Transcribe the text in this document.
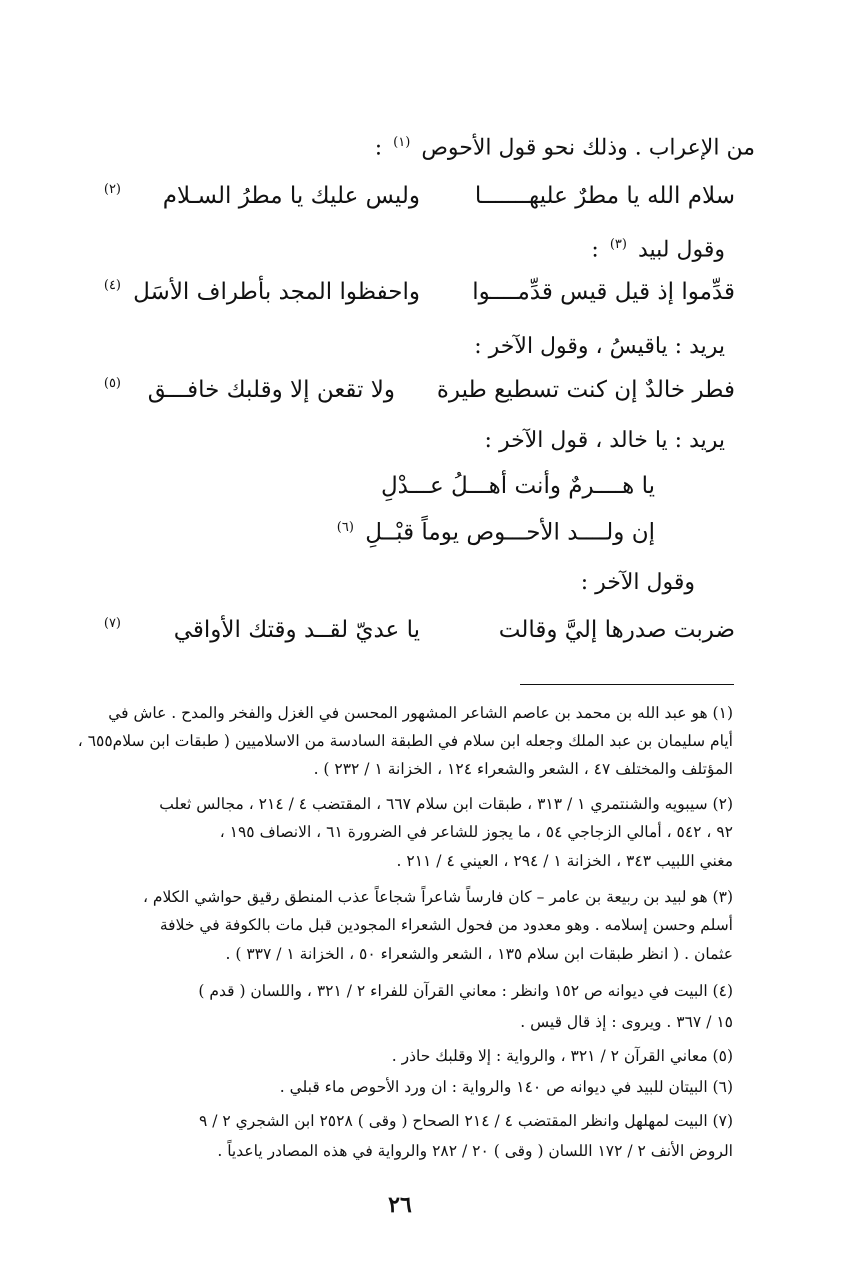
من الإعراب . وذلك نحو قول الأحوص $^{(١)}$ :
سلام الله يا مطرٌ عليهـــــــا
وليس عليك يا مطرُ السـلام
(٢)
وقول لبيد $^{(٣)}$ :
قدِّموا إذ قيل قيس قدِّمــــوا
واحفظوا المجد بأطراف الأسَل
(٤)
يريد : ياقيسُ ، وقول الآخر :
فطر خالدٌ إن كنت تسطيع طيرة
ولا تقعن إلا وقلبك خافـــق
(٥)
يريد : يا خالد ، قول الآخر :
يا هــــرمٌ وأنت أهـــلُ عـــدْلِ
إن ولــــد الأحـــوص يوماً قبْــلِ $^{(٦)}$
وقول الآخر :
ضربت صدرها إليَّ وقالت
يا عديّ لقــد وقتك الأواقي
(٧)
(١) هو عبد الله بن محمد بن عاصم الشاعر المشهور المحسن في الغزل والفخر والمدح . عاش في
أيام سليمان بن عبد الملك وجعله ابن سلام في الطبقة السادسة من الاسلاميين ( طبقات ابن سلام٦٥٥ ،
المؤتلف والمختلف ٤٧ ، الشعر والشعراء ١٢٤ ، الخزانة ١ / ٢٣٢ ) .
(٢) سيبويه والشنتمري ١ / ٣١٣ ، طبقات ابن سلام ٦٦٧ ، المقتضب ٤ / ٢١٤ ، مجالس ثعلب
٩٢ ، ٥٤٢ ، أمالي الزجاجي ٥٤ ، ما يجوز للشاعر في الضرورة ٦١ ، الانصاف ١٩٥ ،
مغني اللبيب ٣٤٣ ، الخزانة ١ / ٢٩٤ ، العيني ٤ / ٢١١ .
(٣) هو لبيد بن ربيعة بن عامر – كان فارساً شاعراً شجاعاً عذب المنطق رقيق حواشي الكلام ،
أسلم وحسن إسلامه . وهو معدود من فحول الشعراء المجودين قبل مات بالكوفة في خلافة
عثمان . ( انظر طبقات ابن سلام ١٣٥ ، الشعر والشعراء ٥٠ ، الخزانة ١ / ٣٣٧ ) .
(٤) البيت في ديوانه ص ١٥٢ وانظر : معاني القرآن للفراء ٢ / ٣٢١ ، واللسان ( قدم )
١٥ / ٣٦٧ . ويروى : إذ قال قيس .
(٥) معاني القرآن ٢ / ٣٢١ ، والرواية : إلا وقلبك حاذر .
(٦) البيتان للبيد في ديوانه ص ١٤٠ والرواية : ان ورد الأحوص ماء قبلي .
(٧) البيت لمهلهل وانظر المقتضب ٤ / ٢١٤ الصحاح ( وقى ) ٢٥٢٨ ابن الشجري ٢ / ٩
الروض الأنف ٢ / ١٧٢ اللسان ( وقى ) ٢٠ / ٢٨٢ والرواية في هذه المصادر ياعدياً .
٢٦
